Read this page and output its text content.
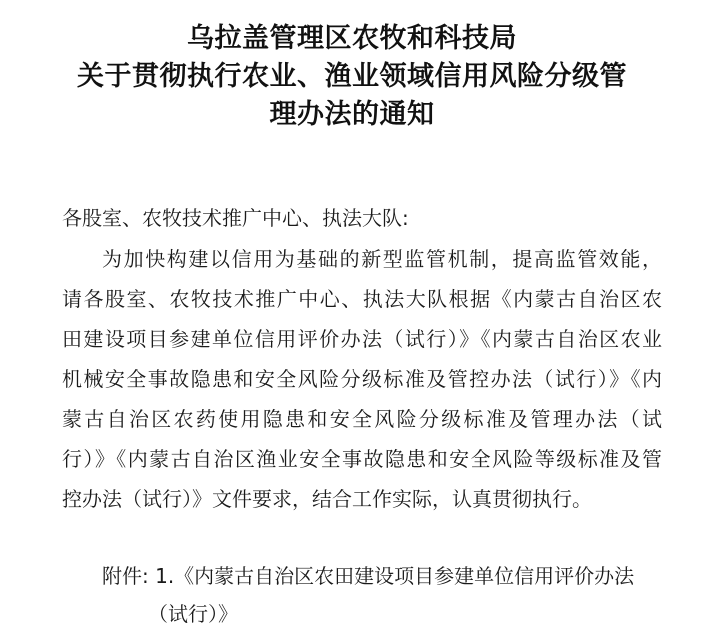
乌拉盖管理区农牧和科技局
关于贯彻执行农业、渔业领域信用风险分级管
理办法的通知
各股室、农牧技术推广中心、执法大队:
为加快构建以信用为基础的新型监管机制，提高监管效能，
请各股室、农牧技术推广中心、执法大队根据《内蒙古自治区农
田建设项目参建单位信用评价办法（试行）》《内蒙古自治区农业
机械安全事故隐患和安全风险分级标准及管控办法（试行）》《内
蒙古自治区农药使用隐患和安全风险分级标准及管理办法（试
行）》《内蒙古自治区渔业安全事故隐患和安全风险等级标准及管
控办法（试行）》文件要求，结合工作实际，认真贯彻执行。
附件: 1.《内蒙古自治区农田建设项目参建单位信用评价办法
（试行）》
